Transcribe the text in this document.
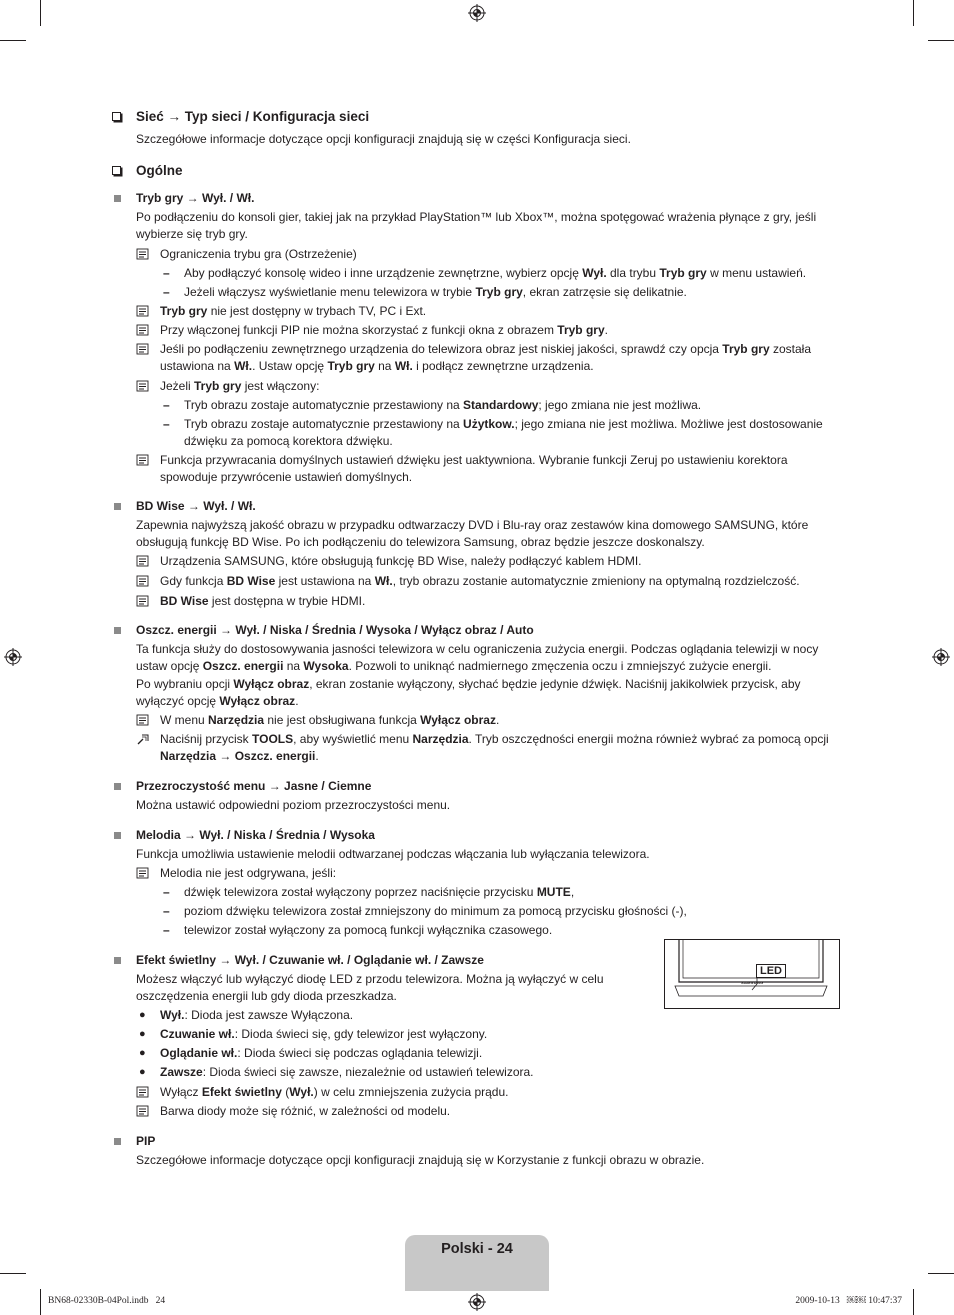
Sieć → Typ sieci / Konfiguracja sieci

Szczegółowe informacje dotyczące opcji konfiguracji znajdują się w części Konfiguracja sieci.

Ogólne

Tryb gry → Wył. / Wł.

Po podłączeniu do konsoli gier, takiej jak na przykład PlayStation™ lub Xbox™, można spotęgować wrażenia płynące z gry, jeśli wybierze się tryb gry.

Ograniczenia trybu gra (Ostrzeżenie)

– Aby podłączyć konsolę wideo i inne urządzenie zewnętrzne, wybierz opcję Wył. dla trybu Tryb gry w menu ustawień.

– Jeżeli włączysz wyświetlanie menu telewizora w trybie Tryb gry, ekran zatrzęsie się delikatnie.

Tryb gry nie jest dostępny w trybach TV, PC i Ext.

Przy włączonej funkcji PIP nie można skorzystać z funkcji okna z obrazem Tryb gry.

Jeśli po podłączeniu zewnętrznego urządzenia do telewizora obraz jest niskiej jakości, sprawdź czy opcja Tryb gry została ustawiona na Wł.. Ustaw opcję Tryb gry na Wł. i podłącz zewnętrzne urządzenia.

Jeżeli Tryb gry jest włączony:

– Tryb obrazu zostaje automatycznie przestawiony na Standardowy; jego zmiana nie jest możliwa.

– Tryb obrazu zostaje automatycznie przestawiony na Użytkow.; jego zmiana nie jest możliwa. Możliwe jest dostosowanie dźwięku za pomocą korektora dźwięku.

Funkcja przywracania domyślnych ustawień dźwięku jest uaktywniona. Wybranie funkcji Zeruj po ustawieniu korektora spowoduje przywrócenie ustawień domyślnych.

BD Wise → Wył. / Wł.

Zapewnia najwyższą jakość obrazu w przypadku odtwarzaczy DVD i Blu-ray oraz zestawów kina domowego SAMSUNG, które obsługują funkcję BD Wise. Po ich podłączeniu do telewizora Samsung, obraz będzie jeszcze doskonalszy.

Urządzenia SAMSUNG, które obsługują funkcję BD Wise, należy podłączyć kablem HDMI.

Gdy funkcja BD Wise jest ustawiona na Wł., tryb obrazu zostanie automatycznie zmieniony na optymalną rozdzielczość.

BD Wise jest dostępna w trybie HDMI.

Oszcz. energii → Wył. / Niska / Średnia / Wysoka / Wyłącz obraz / Auto

Ta funkcja służy do dostosowywania jasności telewizora w celu ograniczenia zużycia energii. Podczas oglądania telewizji w nocy ustaw opcję Oszcz. energii na Wysoka. Pozwoli to uniknąć nadmiernego zmęczenia oczu i zmniejszyć zużycie energii.

Po wybraniu opcji Wyłącz obraz, ekran zostanie wyłączony, słychać będzie jedynie dźwięk. Naciśnij jakikolwiek przycisk, aby wyłączyć opcję Wyłącz obraz.

W menu Narzędzia nie jest obsługiwana funkcja Wyłącz obraz.

Naciśnij przycisk TOOLS, aby wyświetlić menu Narzędzia. Tryb oszczędności energii można również wybrać za pomocą opcji Narzędzia → Oszcz. energii.

Przezroczystość menu → Jasne / Ciemne

Można ustawić odpowiedni poziom przezroczystości menu.

Melodia → Wył. / Niska / Średnia / Wysoka

Funkcja umożliwia ustawienie melodii odtwarzanej podczas włączania lub wyłączania telewizora.

Melodia nie jest odgrywana, jeśli:

– dźwięk telewizora został wyłączony poprzez naciśnięcie przycisku MUTE,

– poziom dźwięku telewizora został zmniejszony do minimum za pomocą przycisku głośności (-),

– telewizor został wyłączony za pomocą funkcji wyłącznika czasowego.

Efekt świetlny → Wył. / Czuwanie wł. / Oglądanie wł. / Zawsze

Możesz włączyć lub wyłączyć diodę LED z przodu telewizora. Można ją wyłączyć w celu oszczędzenia energii lub gdy dioda przeszkadza.

● Wył.: Dioda jest zawsze Wyłączona.

● Czuwanie wł.: Dioda świeci się, gdy telewizor jest wyłączony.

● Oglądanie wł.: Dioda świeci się podczas oglądania telewizji.

● Zawsze: Dioda świeci się zawsze, niezależnie od ustawień telewizora.

Wyłącz Efekt świetlny (Wył.) w celu zmniejszenia zużycia prądu.

Barwa diody może się różnić, w zależności od modelu.

PIP

Szczegółowe informacje dotyczące opcji konfiguracji znajdują się w Korzystanie z funkcji obrazu w obrazie.

LED
SAMSUNG
Polski - 24
BN68-02330B-04Pol.indb   24	2009-10-13   ￼￼ 10:47:37
